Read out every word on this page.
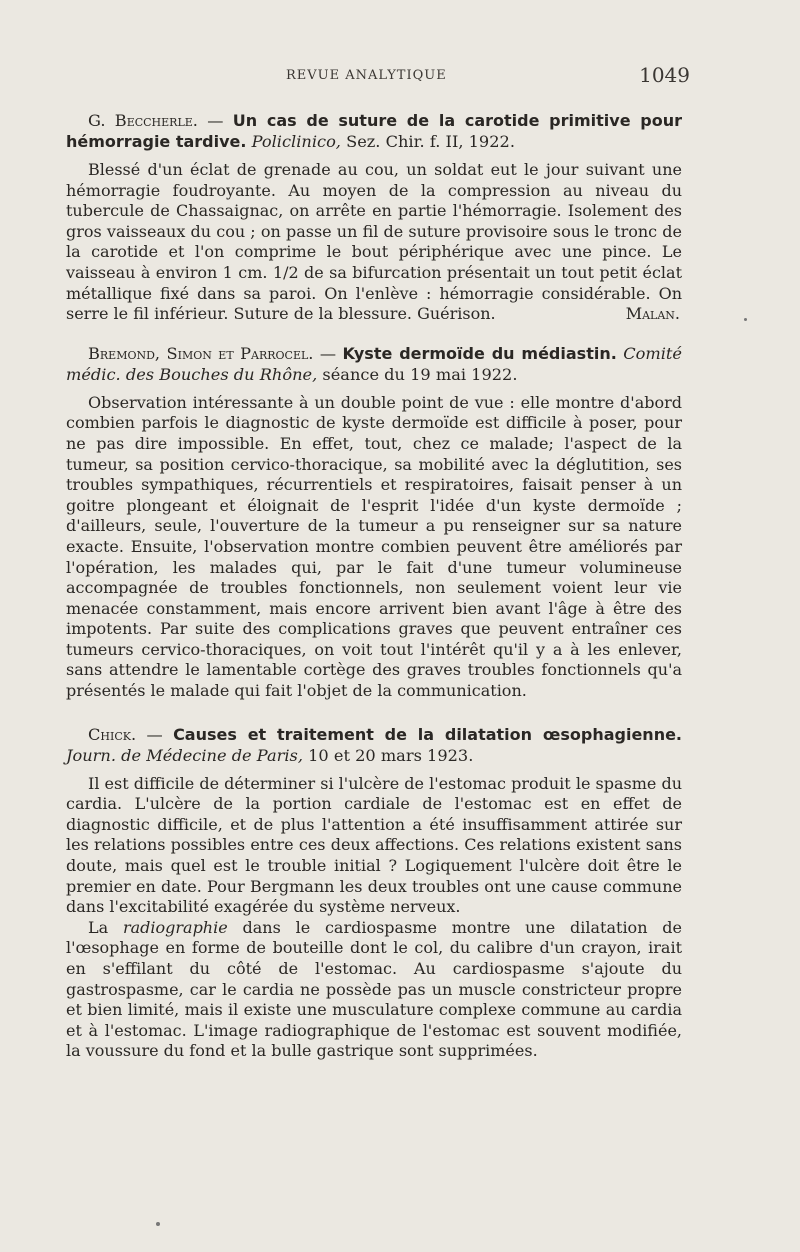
REVUE ANALYTIQUE	1049
G. Beccherle. — Un cas de suture de la carotide primitive pour hémorragie tardive. Policlinico, Sez. Chir. f. II, 1922.

Blessé d'un éclat de grenade au cou, un soldat eut le jour suivant une hémorragie foudroyante. Au moyen de la compression au niveau du tubercule de Chassaignac, on arrête en partie l'hémorragie. Isolement des gros vaisseaux du cou ; on passe un fil de suture provisoire sous le tronc de la carotide et l'on comprime le bout périphérique avec une pince. Le vaisseau à environ 1 cm. 1/2 de sa bifurcation présentait un tout petit éclat métallique fixé dans sa paroi. On l'enlève : hémorragie considérable. On serre le fil inférieur. Suture de la blessure. Guérison.	Malan.

Bremond, Simon et Parrocel. — Kyste dermoïde du médiastin. Comité médic. des Bouches du Rhône, séance du 19 mai 1922.

Observation intéressante à un double point de vue : elle montre d'abord combien parfois le diagnostic de kyste dermoïde est difficile à poser, pour ne pas dire impossible. En effet, tout, chez ce malade; l'aspect de la tumeur, sa position cervico-thoracique, sa mobilité avec la déglutition, ses troubles sympathiques, récurrentiels et respiratoires, faisait penser à un goitre plongeant et éloignait de l'esprit l'idée d'un kyste dermoïde ; d'ailleurs, seule, l'ouverture de la tumeur a pu renseigner sur sa nature exacte. Ensuite, l'observation montre combien peuvent être améliorés par l'opération, les malades qui, par le fait d'une tumeur volumineuse accompagnée de troubles fonctionnels, non seulement voient leur vie menacée constamment, mais encore arrivent bien avant l'âge à être des impotents. Par suite des complications graves que peuvent entraîner ces tumeurs cervico-thoraciques, on voit tout l'intérêt qu'il y a à les enlever, sans attendre le lamentable cortège des graves troubles fonctionnels qu'a présentés le malade qui fait l'objet de la communication.

Chick. — Causes et traitement de la dilatation œsophagienne. Journ. de Médecine de Paris, 10 et 20 mars 1923.

Il est difficile de déterminer si l'ulcère de l'estomac produit le spasme du cardia. L'ulcère de la portion cardiale de l'estomac est en effet de diagnostic difficile, et de plus l'attention a été insuffisamment attirée sur les relations possibles entre ces deux affections. Ces relations existent sans doute, mais quel est le trouble initial ? Logiquement l'ulcère doit être le premier en date. Pour Bergmann les deux troubles ont une cause commune dans l'excitabilité exagérée du système nerveux.

La radiographie dans le cardiospasme montre une dilatation de l'œsophage en forme de bouteille dont le col, du calibre d'un crayon, irait en s'effilant du côté de l'estomac. Au cardiospasme s'ajoute du gastrospasme, car le cardia ne possède pas un muscle constricteur propre et bien limité, mais il existe une musculature complexe commune au cardia et à l'estomac. L'image radiographique de l'estomac est souvent modifiée, la voussure du fond et la bulle gastrique sont supprimées.
